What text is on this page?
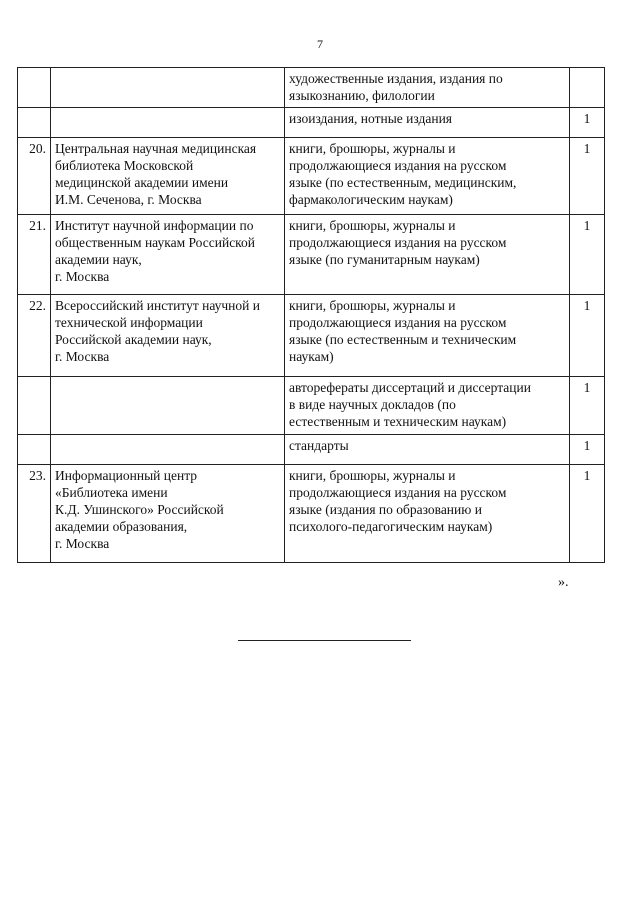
7

		художественные издания, издания по
языкознанию, филологии	

		изоиздания, нотные издания	1

20.	Центральная научная медицинская
библиотека Московской
медицинской академии имени
И.М. Сеченова, г. Москва	книги, брошюры, журналы и
продолжающиеся издания на русском
языке (по естественным, медицинским,
фармакологическим наукам)	1

21.	Институт научной информации по
общественным наукам Российской
академии наук,
г. Москва	книги, брошюры, журналы и
продолжающиеся издания на русском
языке (по гуманитарным наукам)	1

22.	Всероссийский институт научной и
технической информации
Российской академии наук,
г. Москва	книги, брошюры, журналы и
продолжающиеся издания на русском
языке (по естественным и техническим
наукам)	1

		авторефераты диссертаций и диссертации
в виде научных докладов (по
естественным и техническим наукам)	1

		стандарты	1

23.	Информационный центр
«Библиотека имени
К.Д. Ушинского» Российской
академии образования,
г. Москва	книги, брошюры, журналы и
продолжающиеся издания на русском
языке (издания по образованию и
психолого-педагогическим наукам)	1
».
